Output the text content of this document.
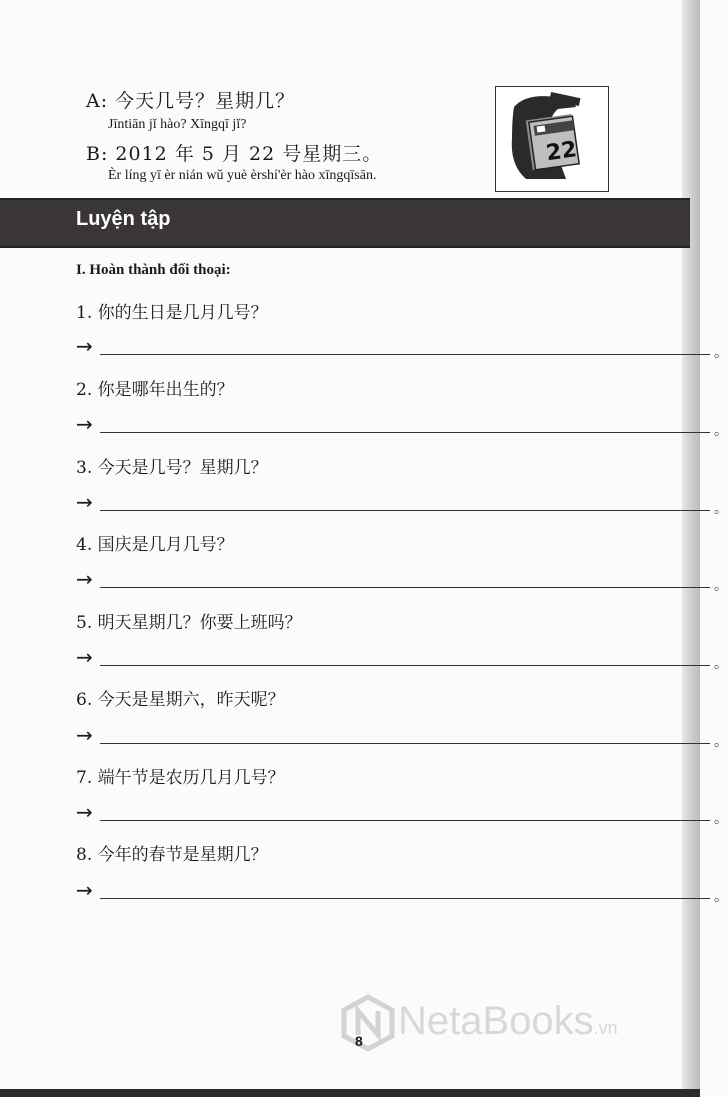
A: 今天几号？星期几？
Jīntiān jǐ hào? Xīngqī jǐ?
B: 2012 年 5 月 22 号星期三。
Èr líng yī èr nián wǔ yuè èrshí'èr hào xīngqīsān.
22
Luyện tập
I. Hoàn thành đối thoại:
1. 你的生日是几月几号？
→	。
2. 你是哪年出生的？
→	。
3. 今天是几号？星期几？
→	。
4. 国庆是几月几号？
→	。
5. 明天星期几？你要上班吗？
→	。
6. 今天是星期六，昨天呢？
→	。
7. 端午节是农历几月几号？
→	。
8. 今年的春节是星期几？
→	。
NetaBooks.vn
8
